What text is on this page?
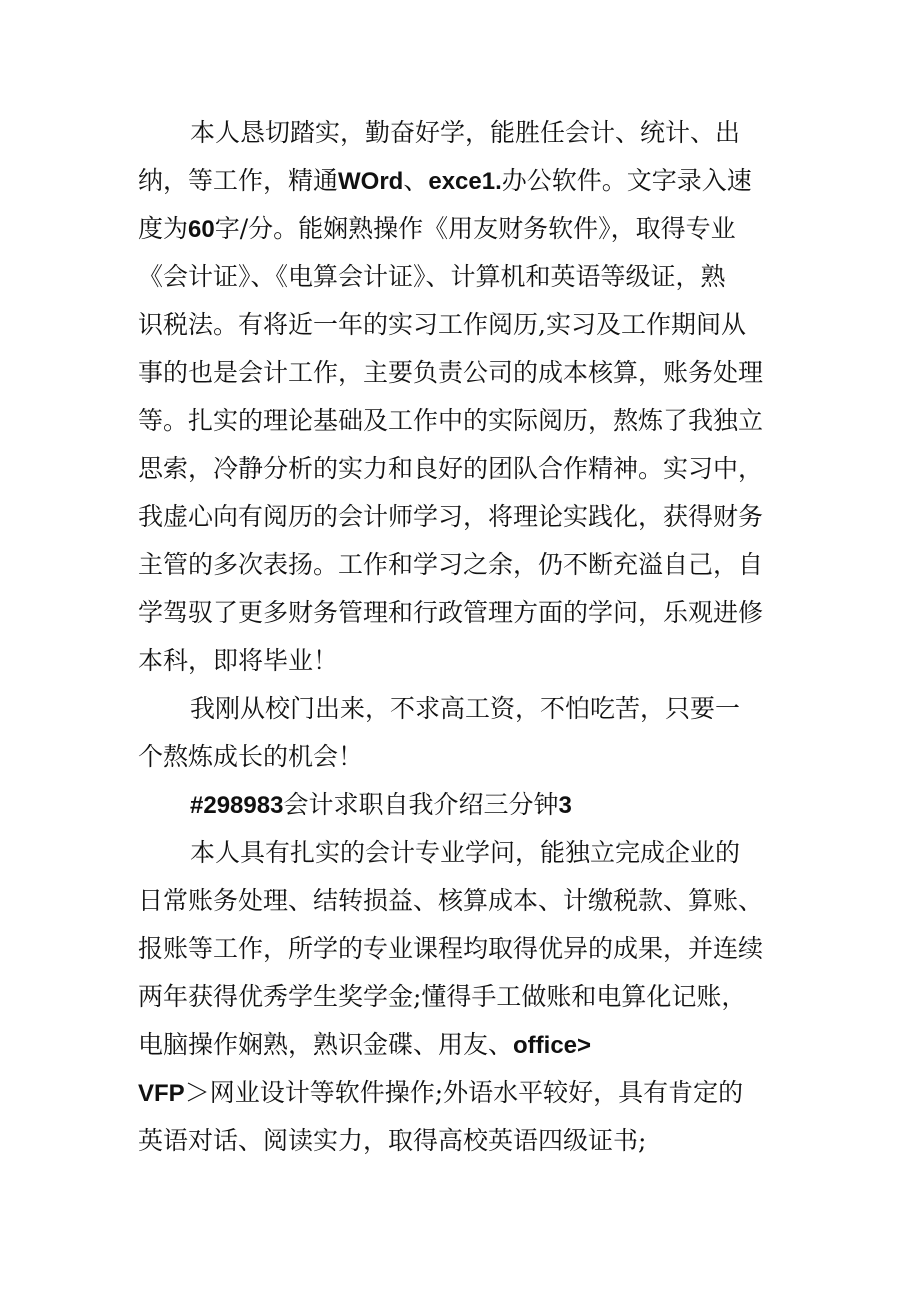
本人恳切踏实，勤奋好学，能胜任会计、统计、出

纳，等工作，精通WOrd、exce1.办公软件。文字录入速

度为60字/分。能娴熟操作《用友财务软件》，取得专业

《会计证》、《电算会计证》、计算机和英语等级证，熟

识税法。有将近一年的实习工作阅历,实习及工作期间从

事的也是会计工作，主要负责公司的成本核算，账务处理

等。扎实的理论基础及工作中的实际阅历，熬炼了我独立

思索，冷静分析的实力和良好的团队合作精神。实习中，

我虚心向有阅历的会计师学习，将理论实践化，获得财务

主管的多次表扬。工作和学习之余，仍不断充溢自己，自

学驾驭了更多财务管理和行政管理方面的学问，乐观进修

本科，即将毕业！

我刚从校门出来，不求高工资，不怕吃苦，只要一

个熬炼成长的机会！

#298983会计求职自我介绍三分钟3

本人具有扎实的会计专业学问，能独立完成企业的

日常账务处理、结转损益、核算成本、计缴税款、算账、

报账等工作，所学的专业课程均取得优异的成果，并连续

两年获得优秀学生奖学金;懂得手工做账和电算化记账，

电脑操作娴熟，熟识金碟、用友、office>

VFP＞网业设计等软件操作;外语水平较好，具有肯定的

英语对话、阅读实力，取得高校英语四级证书;
